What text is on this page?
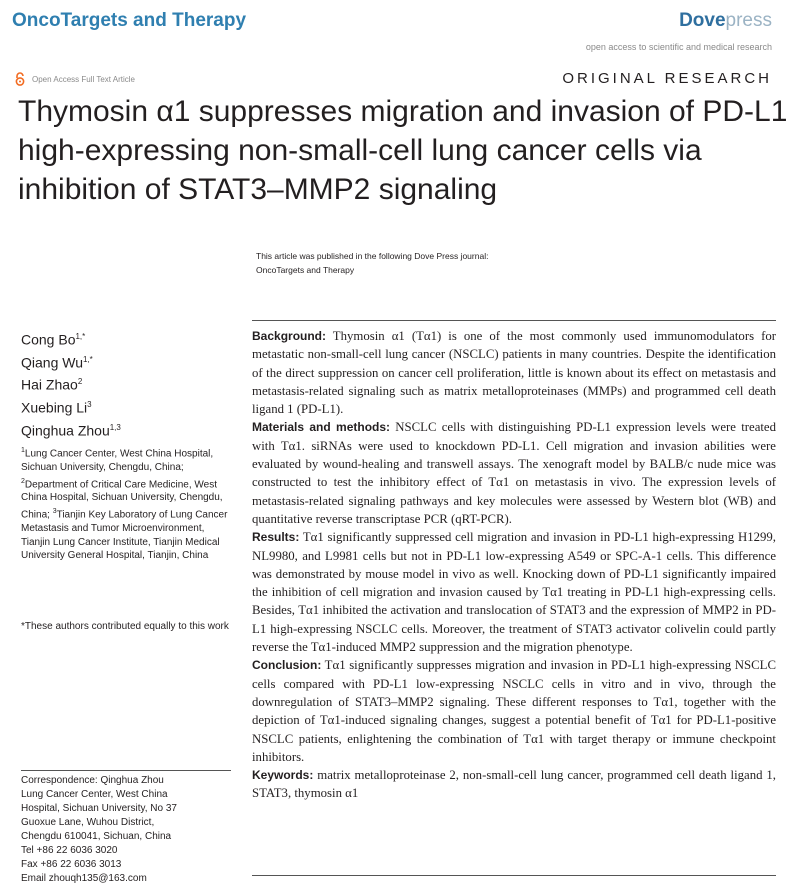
OncoTargets and Therapy	Dovepress
open access to scientific and medical research
Open Access Full Text Article	ORIGINAL RESEARCH
Thymosin α1 suppresses migration and invasion of PD-L1 high-expressing non-small-cell lung cancer cells via inhibition of STAT3–MMP2 signaling
This article was published in the following Dove Press journal:
OncoTargets and Therapy
Cong $Bo^{1,*}$
Qiang $Wu^{1,*}$
Hai Zhao$^2$
Xuebing Li$^3$
Qinghua Zhou$^{1,3}$
$^1$Lung Cancer Center, West China Hospital, Sichuan University, Chengdu, China; $^2$Department of Critical Care Medicine, West China Hospital, Sichuan University, Chengdu, China; $^3$Tianjin Key Laboratory of Lung Cancer Metastasis and Tumor Microenvironment, Tianjin Lung Cancer Institute, Tianjin Medical University General Hospital, Tianjin, China
*These authors contributed equally to this work
Correspondence: Qinghua Zhou
Lung Cancer Center, West China
Hospital, Sichuan University, No 37
Guoxue Lane, Wuhou District,
Chengdu 610041, Sichuan, China
Tel +86 22 6036 3020
Fax +86 22 6036 3013
Email zhouqh135@163.com

Background: Thymosin α1 (Tα1) is one of the most commonly used immunomodulators for metastatic non-small-cell lung cancer (NSCLC) patients in many countries. Despite the identification of the direct suppression on cancer cell proliferation, little is known about its effect on metastasis and metastasis-related signaling such as matrix metalloproteinases (MMPs) and programmed cell death ligand 1 (PD-L1).

Materials and methods: NSCLC cells with distinguishing PD-L1 expression levels were treated with Tα1. siRNAs were used to knockdown PD-L1. Cell migration and invasion abilities were evaluated by wound-healing and transwell assays. The xenograft model by BALB/c nude mice was constructed to test the inhibitory effect of Tα1 on metastasis in vivo. The expression levels of metastasis-related signaling pathways and key molecules were assessed by Western blot (WB) and quantitative reverse transcriptase PCR (qRT-PCR).

Results: Tα1 significantly suppressed cell migration and invasion in PD-L1 high-expressing H1299, NL9980, and L9981 cells but not in PD-L1 low-expressing A549 or SPC-A-1 cells. This difference was demonstrated by mouse model in vivo as well. Knocking down of PD-L1 significantly impaired the inhibition of cell migration and invasion caused by Tα1 treating in PD-L1 high-expressing cells. Besides, Tα1 inhibited the activation and translocation of STAT3 and the expression of MMP2 in PD-L1 high-expressing NSCLC cells. Moreover, the treatment of STAT3 activator colivelin could partly reverse the Tα1-induced MMP2 suppression and the migration phenotype.

Conclusion: Tα1 significantly suppresses migration and invasion in PD-L1 high-expressing NSCLC cells compared with PD-L1 low-expressing NSCLC cells in vitro and in vivo, through the downregulation of STAT3–MMP2 signaling. These different responses to Tα1, together with the depiction of Tα1-induced signaling changes, suggest a potential benefit of Tα1 for PD-L1-positive NSCLC patients, enlightening the combination of Tα1 with target therapy or immune checkpoint inhibitors.

Keywords: matrix metalloproteinase 2, non-small-cell lung cancer, programmed cell death ligand 1, STAT3, thymosin α1
